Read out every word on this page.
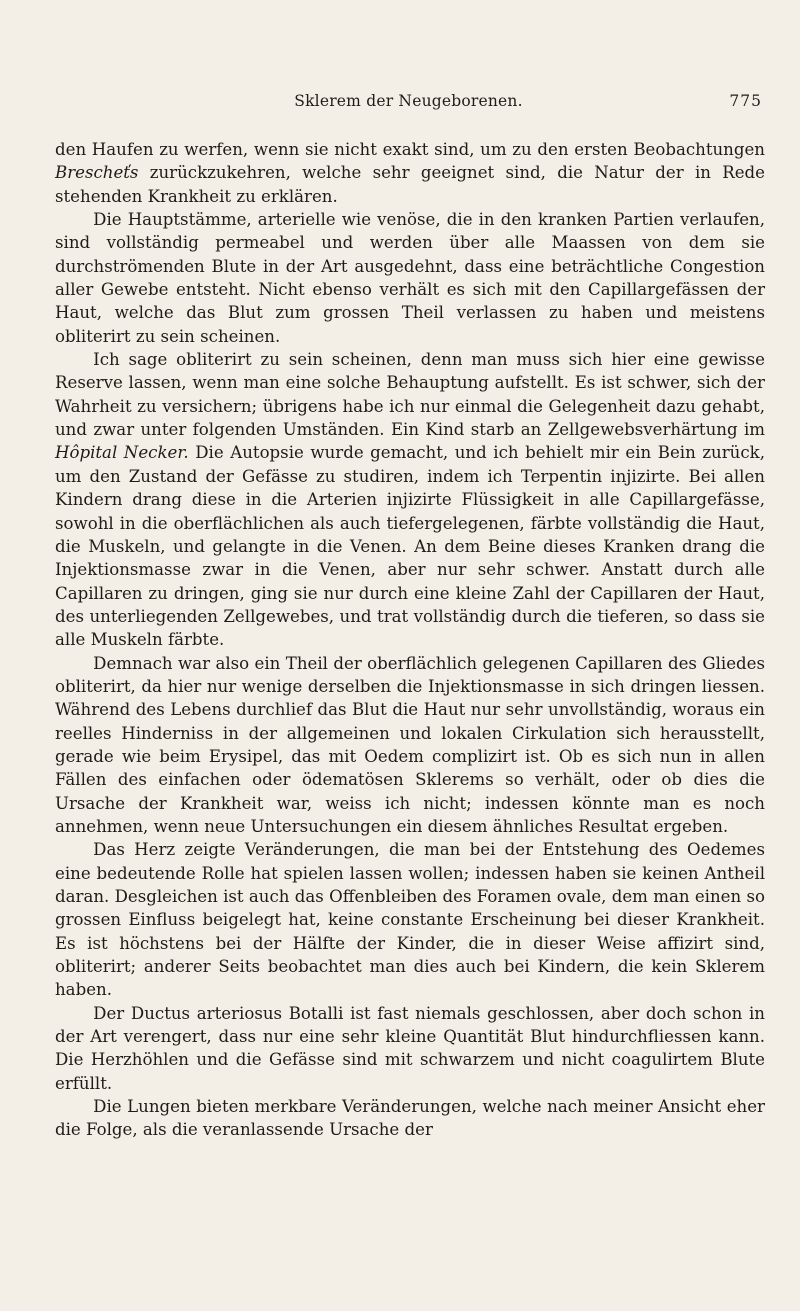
Sklerem der Neugeborenen.	775

den Haufen zu werfen, wenn sie nicht exakt sind, um zu den ersten Beobachtungen Brescheťs zurückzukehren, welche sehr geeignet sind, die Natur der in Rede stehenden Krankheit zu erklären.

Die Hauptstämme, arterielle wie venöse, die in den kranken Partien verlaufen, sind vollständig permeabel und werden über alle Maassen von dem sie durchströmenden Blute in der Art ausgedehnt, dass eine beträchtliche Congestion aller Gewebe entsteht. Nicht ebenso verhält es sich mit den Capillargefässen der Haut, welche das Blut zum grossen Theil verlassen zu haben und meistens obliterirt zu sein scheinen.

Ich sage obliterirt zu sein scheinen, denn man muss sich hier eine gewisse Reserve lassen, wenn man eine solche Behauptung aufstellt. Es ist schwer, sich der Wahrheit zu versichern; übrigens habe ich nur einmal die Gelegenheit dazu gehabt, und zwar unter folgenden Umständen. Ein Kind starb an Zellgewebsverhärtung im Hôpital Necker. Die Autopsie wurde gemacht, und ich behielt mir ein Bein zurück, um den Zustand der Gefässe zu studiren, indem ich Terpentin injizirte. Bei allen Kindern drang diese in die Arterien injizirte Flüssigkeit in alle Capillargefässe, sowohl in die oberflächlichen als auch tiefergelegenen, färbte vollständig die Haut, die Muskeln, und gelangte in die Venen. An dem Beine dieses Kranken drang die Injektionsmasse zwar in die Venen, aber nur sehr schwer. Anstatt durch alle Capillaren zu dringen, ging sie nur durch eine kleine Zahl der Capillaren der Haut, des unterliegenden Zellgewebes, und trat vollständig durch die tieferen, so dass sie alle Muskeln färbte.

Demnach war also ein Theil der oberflächlich gelegenen Capillaren des Gliedes obliterirt, da hier nur wenige derselben die Injektionsmasse in sich dringen liessen. Während des Lebens durchlief das Blut die Haut nur sehr unvollständig, woraus ein reelles Hinderniss in der allgemeinen und lokalen Cirkulation sich herausstellt, gerade wie beim Erysipel, das mit Oedem complizirt ist. Ob es sich nun in allen Fällen des einfachen oder ödematösen Sklerems so verhält, oder ob dies die Ursache der Krankheit war, weiss ich nicht; indessen könnte man es noch annehmen, wenn neue Untersuchungen ein diesem ähnliches Resultat ergeben.

Das Herz zeigte Veränderungen, die man bei der Entstehung des Oedemes eine bedeutende Rolle hat spielen lassen wollen; indessen haben sie keinen Antheil daran. Desgleichen ist auch das Offenbleiben des Foramen ovale, dem man einen so grossen Einfluss beigelegt hat, keine constante Erscheinung bei dieser Krankheit. Es ist höchstens bei der Hälfte der Kinder, die in dieser Weise affizirt sind, obliterirt; anderer Seits beobachtet man dies auch bei Kindern, die kein Sklerem haben.

Der Ductus arteriosus Botalli ist fast niemals geschlossen, aber doch schon in der Art verengert, dass nur eine sehr kleine Quantität Blut hindurchfliessen kann. Die Herzhöhlen und die Gefässe sind mit schwarzem und nicht coagulirtem Blute erfüllt.

Die Lungen bieten merkbare Veränderungen, welche nach meiner Ansicht eher die Folge, als die veranlassende Ursache der
